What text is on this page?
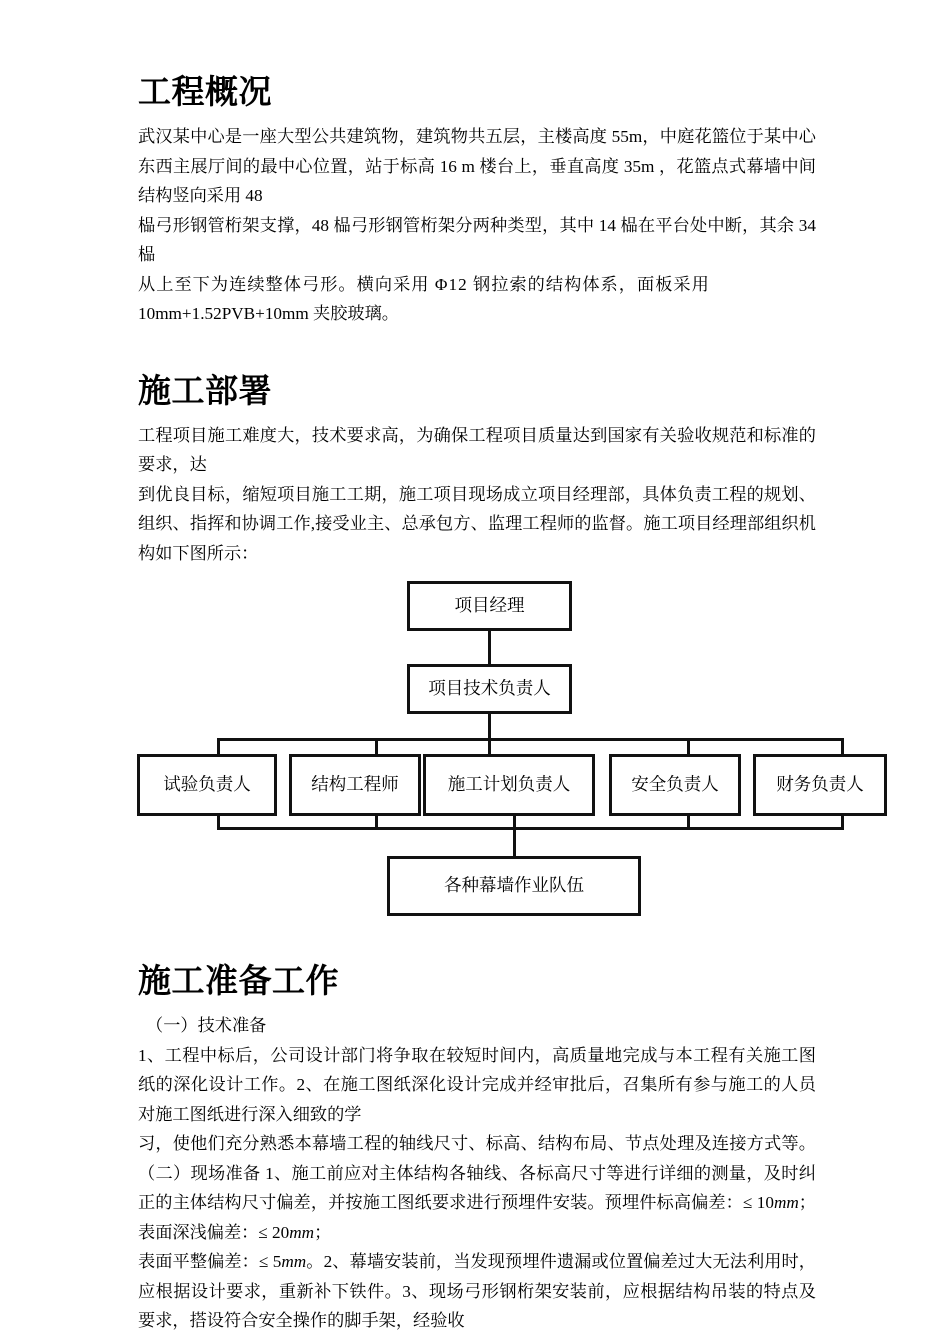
工程概况

武汉某中心是一座大型公共建筑物，建筑物共五层，主楼高度 55m，中庭花篮位于某中心东西主展厅间的最中心位置，站于标高 16 m 楼台上，垂直高度 35m ，花篮点式幕墙中间结构竖向采用 48

榀弓形钢管桁架支撑，48 榀弓形钢管桁架分两种类型，其中 14 榀在平台处中断，其余 34 榀

从上至下为连续整体弓形。横向采用 Φ12 钢拉索的结构体系，面板采用

10mm+1.52PVB+10mm 夹胶玻璃。

施工部署

工程项目施工难度大，技术要求高，为确保工程项目质量达到国家有关验收规范和标准的要求，达

到优良目标，缩短项目施工工期，施工项目现场成立项目经理部，具体负责工程的规划、组织、指挥和协调工作,接受业主、总承包方、监理工程师的监督。施工项目经理部组织机构如下图所示：

项目经理
项目技术负责人
试验负责人	结构工程师	施工计划负责人	安全负责人	财务负责人
各种幕墙作业队伍
施工准备工作

（一）技术准备

1、工程中标后，公司设计部门将争取在较短时间内，高质量地完成与本工程有关施工图纸的深化设计工作。2、在施工图纸深化设计完成并经审批后，召集所有参与施工的人员对施工图纸进行深入细致的学

习，使他们充分熟悉本幕墙工程的轴线尺寸、标高、结构布局、节点处理及连接方式等。（二）现场准备 1、施工前应对主体结构各轴线、各标高尺寸等进行详细的测量，及时纠正的主体结构尺寸偏差，并按施工图纸要求进行预埋件安装。预埋件标高偏差：≤ 10mm；表面深浅偏差：≤ 20mm；

表面平整偏差：≤ 5mm。2、幕墙安装前，当发现预埋件遗漏或位置偏差过大无法利用时，应根据设计要求，重新补下铁件。3、现场弓形钢桁架安装前，应根据结构吊装的特点及要求，搭设符合安全操作的脚手架，经验收
